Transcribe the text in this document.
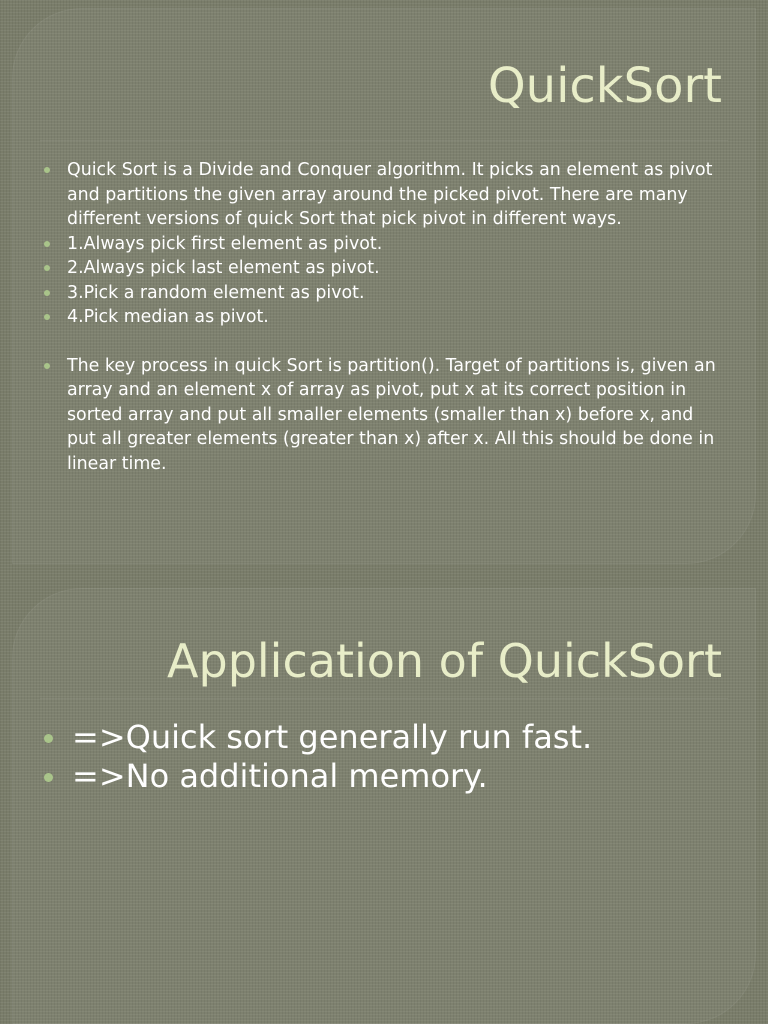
QuickSort
Quick Sort is a Divide and Conquer algorithm. It picks an element as pivot and partitions the given array around the picked pivot. There are many different versions of quick Sort that pick pivot in different ways.
1.Always pick first element as pivot.
2.Always pick last element as pivot.
3.Pick a random element as pivot.
4.Pick median as pivot.
The key process in quick Sort is partition(). Target of partitions is, given an array and an element x of array as pivot, put x at its correct position in sorted array and put all smaller elements (smaller than x) before x, and put all greater elements (greater than x) after x. All this should be done in linear time.
Application of QuickSort
=>Quick sort generally run fast.
=>No additional memory.
